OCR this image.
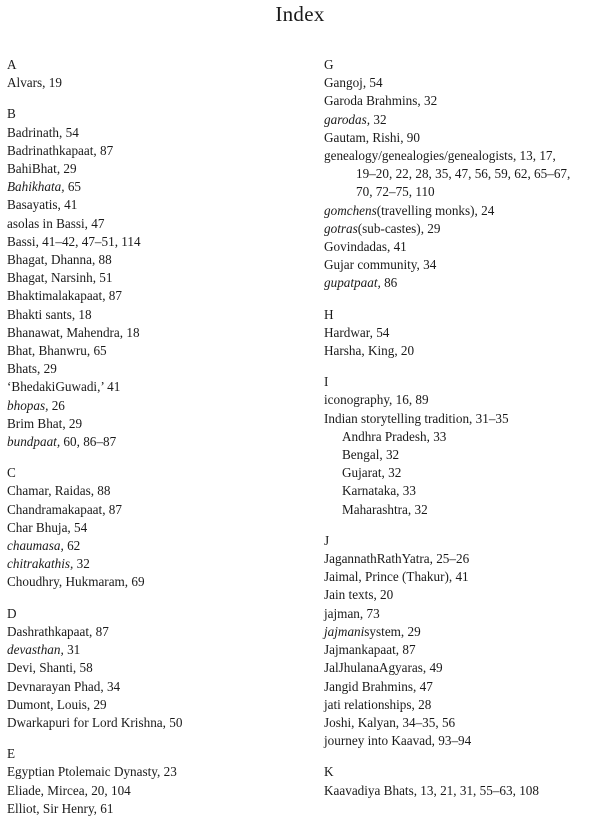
Index
A
Alvars, 19
B
Badrinath, 54
Badrinathkapaat, 87
BahiBhat, 29
Bahikhata, 65
Basayatis, 41
asolas in Bassi, 47
Bassi, 41–42, 47–51, 114
Bhagat, Dhanna, 88
Bhagat, Narsinh, 51
Bhaktimalakapaat, 87
Bhakti sants, 18
Bhanawat, Mahendra, 18
Bhat, Bhanwru, 65
Bhats, 29
‘BhedakiGuwadi,’ 41
bhopas, 26
Brim Bhat, 29
bundpaat, 60, 86–87
C
Chamar, Raidas, 88
Chandramakapaat, 87
Char Bhuja, 54
chaumasa, 62
chitrakathis, 32
Choudhry, Hukmaram, 69
D
Dashrathkapaat, 87
devasthan, 31
Devi, Shanti, 58
Devnarayan Phad, 34
Dumont, Louis, 29
Dwarkapuri for Lord Krishna, 50
E
Egyptian Ptolemaic Dynasty, 23
Eliade, Mircea, 20, 104
Elliot, Sir Henry, 61
G
Gangoj, 54
Garoda Brahmins, 32
garodas, 32
Gautam, Rishi, 90
genealogy/genealogies/genealogists, 13, 17,
19–20, 22, 28, 35, 47, 56, 59, 62, 65–67,
70, 72–75, 110
gomchens(travelling monks), 24
gotras(sub-castes), 29
Govindadas, 41
Gujar community, 34
gupatpaat, 86
H
Hardwar, 54
Harsha, King, 20
I
iconography, 16, 89
Indian storytelling tradition, 31–35
Andhra Pradesh, 33
Bengal, 32
Gujarat, 32
Karnataka, 33
Maharashtra, 32
J
JagannathRathYatra, 25–26
Jaimal, Prince (Thakur), 41
Jain texts, 20
jajman, 73
jajmanisystem, 29
Jajmankapaat, 87
JalJhulanaAgyaras, 49
Jangid Brahmins, 47
jati relationships, 28
Joshi, Kalyan, 34–35, 56
journey into Kaavad, 93–94
K
Kaavadiya Bhats, 13, 21, 31, 55–63, 108
